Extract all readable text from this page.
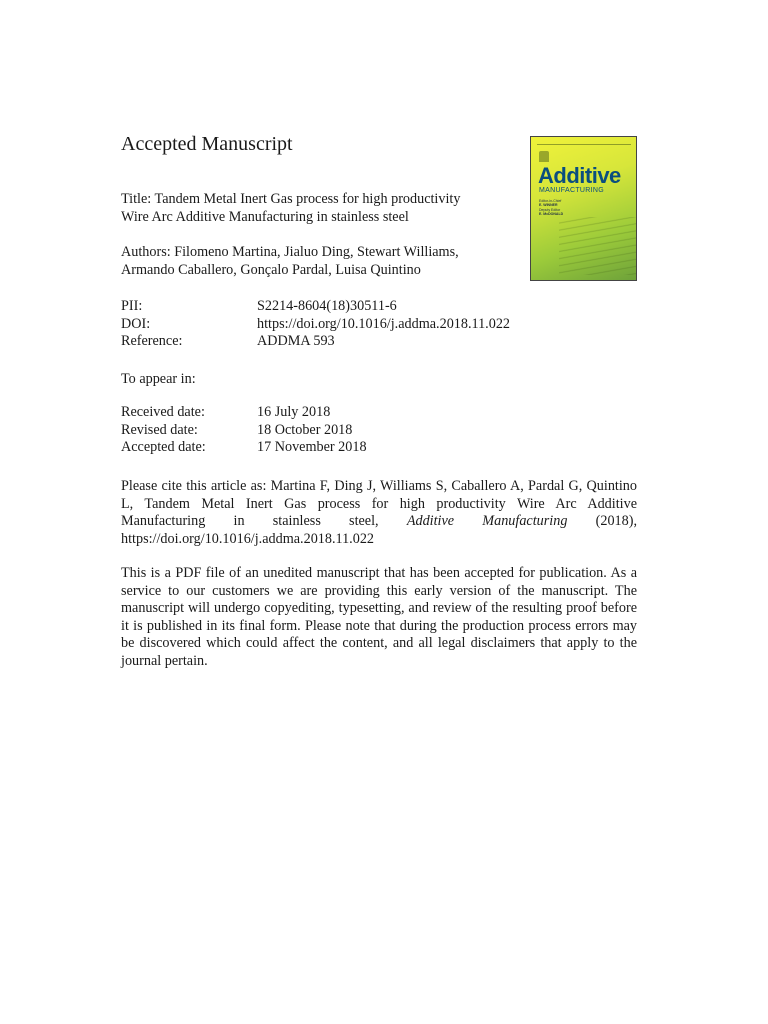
Accepted Manuscript
Title: Tandem Metal Inert Gas process for high productivity
Wire Arc Additive Manufacturing in stainless steel
Authors: Filomeno Martina, Jialuo Ding, Stewart Williams,
Armando Caballero, Gonçalo Pardal, Luisa Quintino
PII:	S2214-8604(18)30511-6
DOI:	https://doi.org/10.1016/j.addma.2018.11.022
Reference:	ADDMA 593
To appear in:
Received date:	16 July 2018
Revised date:	18 October 2018
Accepted date:	17 November 2018
Please cite this article as: Martina F, Ding J, Williams S, Caballero A, Pardal G, Quintino L, Tandem Metal Inert Gas process for high productivity Wire Arc Additive Manufacturing in stainless steel, Additive Manufacturing (2018), https://doi.org/10.1016/j.addma.2018.11.022
This is a PDF file of an unedited manuscript that has been accepted for publication. As a service to our customers we are providing this early version of the manuscript. The manuscript will undergo copyediting, typesetting, and review of the resulting proof before it is published in its final form. Please note that during the production process errors may be discovered which could affect the content, and all legal disclaimers that apply to the journal pertain.
Additive
MANUFACTURING
Editor-in-Chief
E. WINNER
Deputy Editor
E. McDONALD
